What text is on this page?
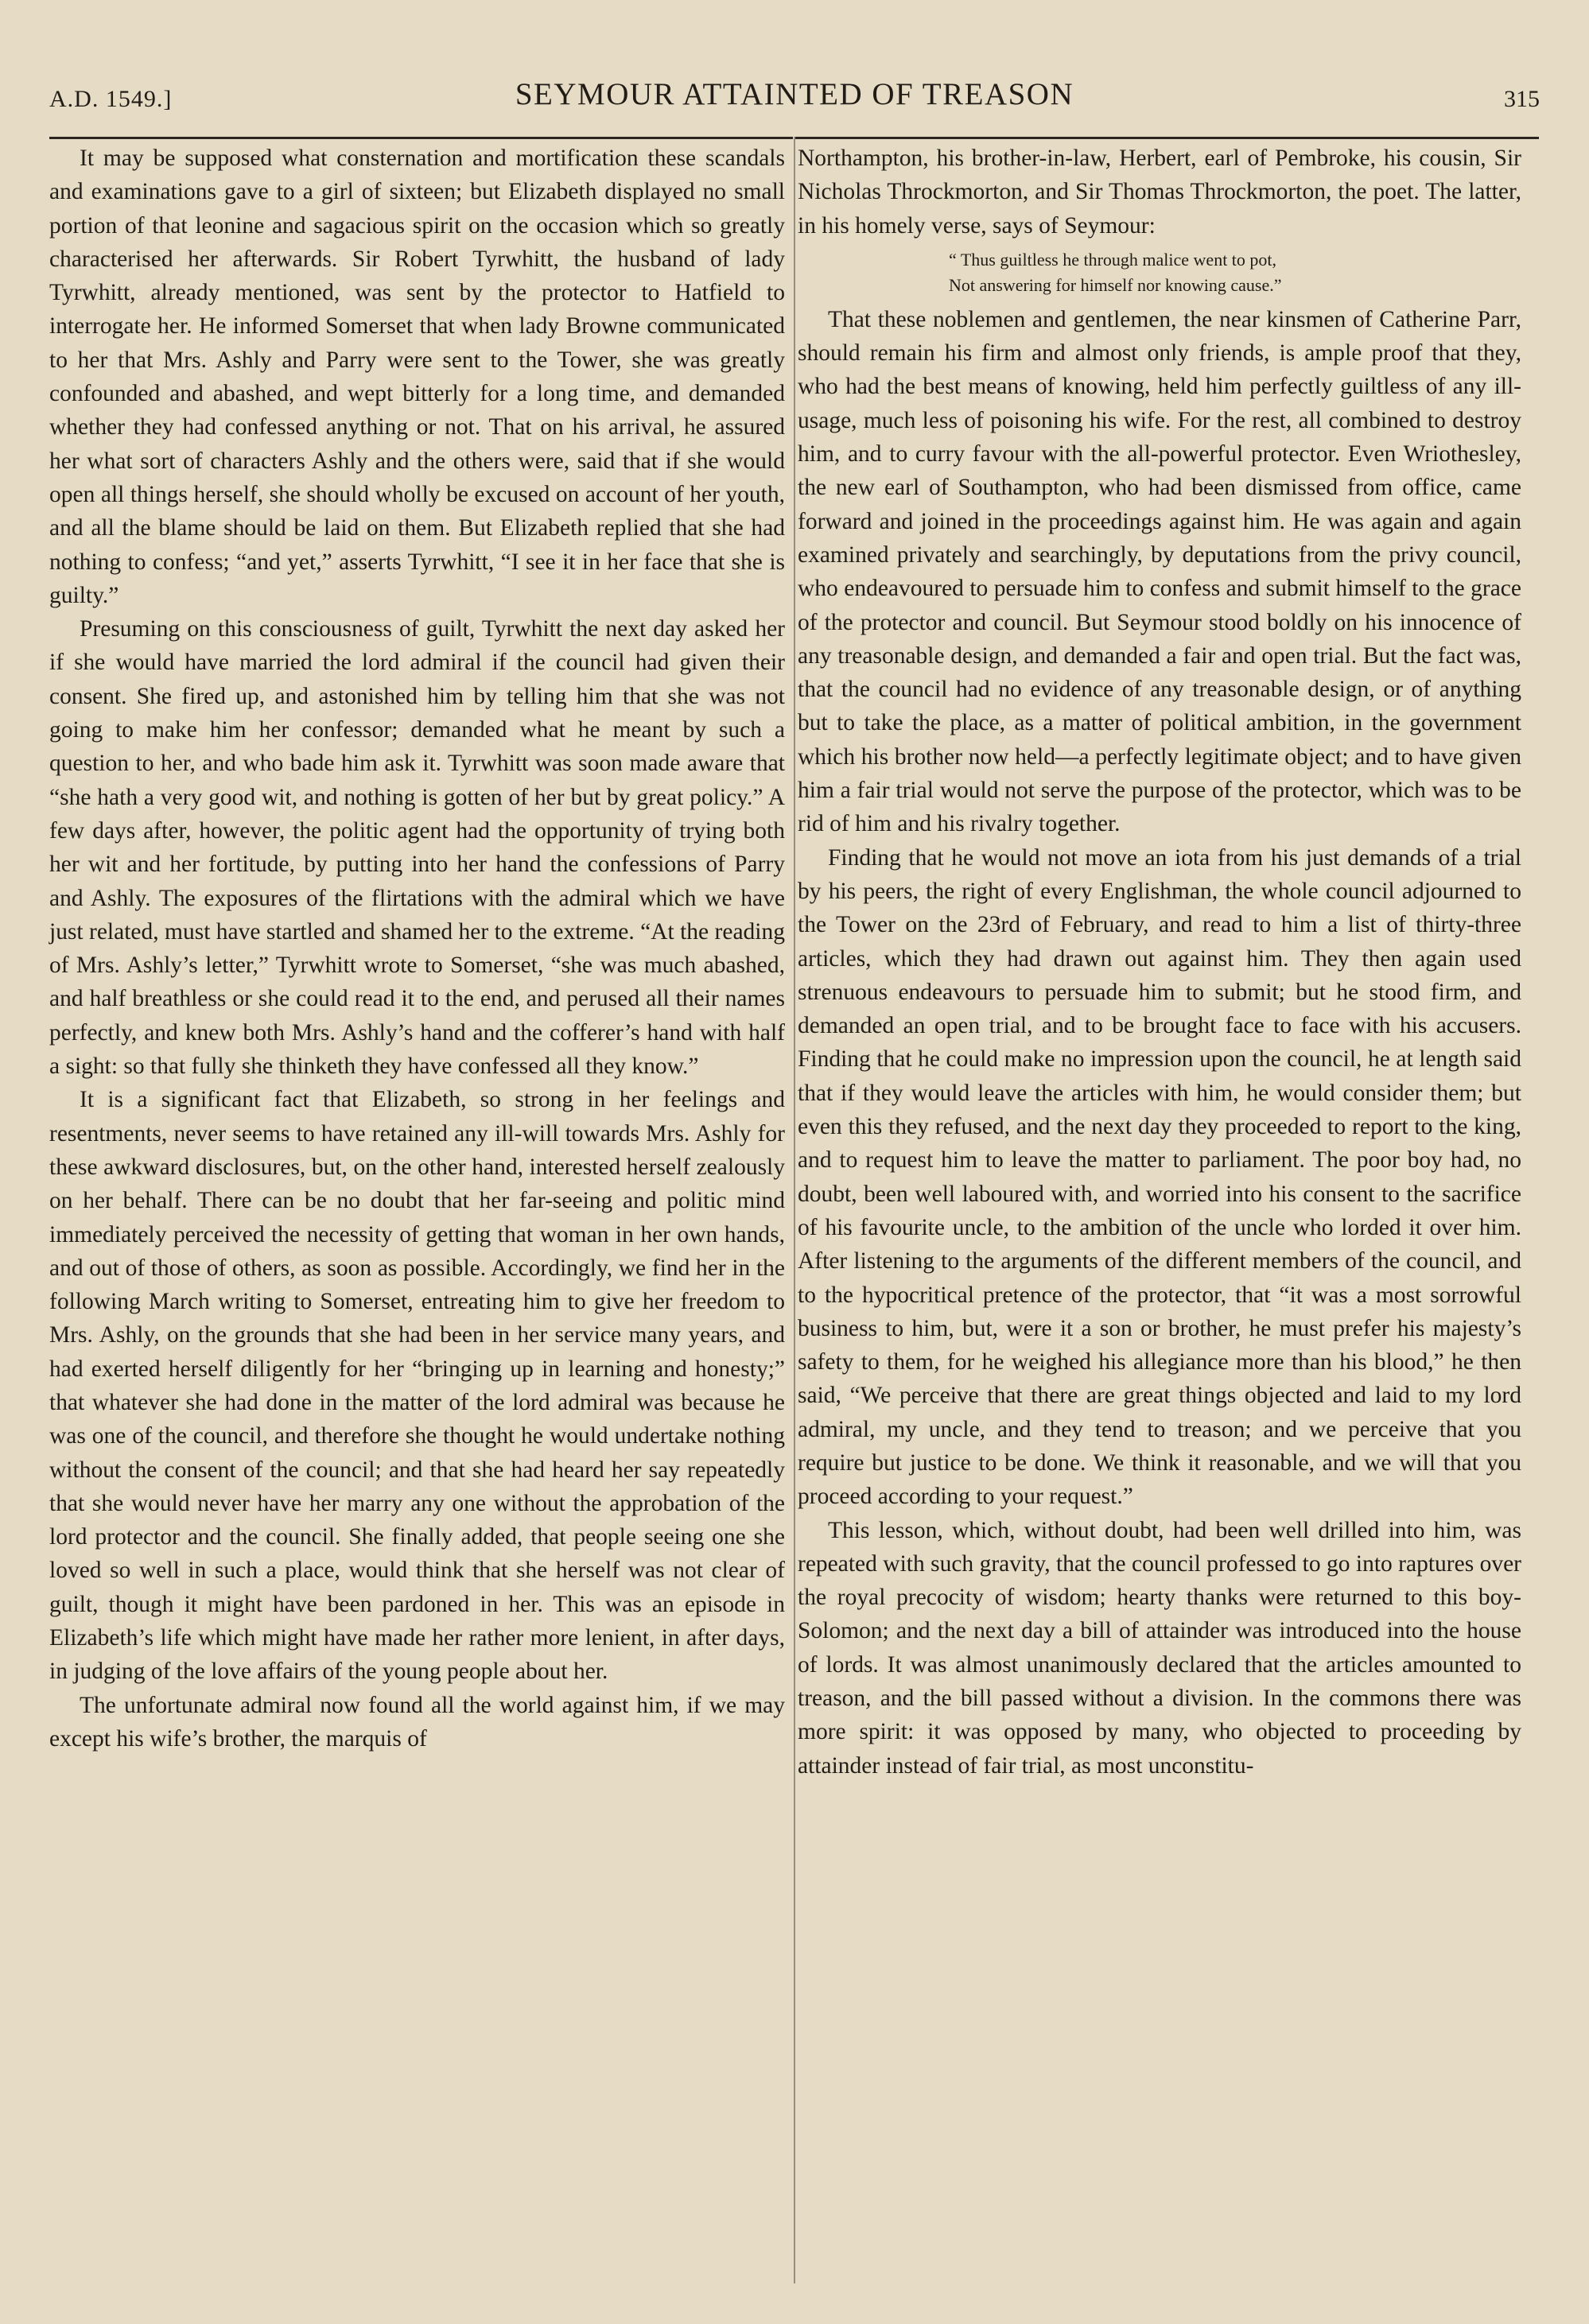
A.D. 1549.]	SEYMOUR ATTAINTED OF TREASON	315

It may be supposed what consternation and mortification these scandals and examinations gave to a girl of sixteen; but Elizabeth displayed no small portion of that leonine and sagacious spirit on the occasion which so greatly characterised her afterwards. Sir Robert Tyrwhitt, the husband of lady Tyrwhitt, already mentioned, was sent by the protector to Hatfield to interrogate her. He informed Somerset that when lady Browne communicated to her that Mrs. Ashly and Parry were sent to the Tower, she was greatly confounded and abashed, and wept bitterly for a long time, and demanded whether they had confessed anything or not. That on his arrival, he assured her what sort of characters Ashly and the others were, said that if she would open all things herself, she should wholly be excused on account of her youth, and all the blame should be laid on them. But Elizabeth replied that she had nothing to confess; “and yet,” asserts Tyrwhitt, “I see it in her face that she is guilty.”

Presuming on this consciousness of guilt, Tyrwhitt the next day asked her if she would have married the lord admiral if the council had given their consent. She fired up, and astonished him by telling him that she was not going to make him her confessor; demanded what he meant by such a question to her, and who bade him ask it. Tyrwhitt was soon made aware that “she hath a very good wit, and nothing is gotten of her but by great policy.” A few days after, however, the politic agent had the opportunity of trying both her wit and her fortitude, by putting into her hand the confessions of Parry and Ashly. The exposures of the flirtations with the admiral which we have just related, must have startled and shamed her to the extreme. “At the reading of Mrs. Ashly’s letter,” Tyrwhitt wrote to Somerset, “she was much abashed, and half breathless or she could read it to the end, and perused all their names perfectly, and knew both Mrs. Ashly’s hand and the cofferer’s hand with half a sight: so that fully she thinketh they have confessed all they know.”

It is a significant fact that Elizabeth, so strong in her feelings and resentments, never seems to have retained any ill-will towards Mrs. Ashly for these awkward disclosures, but, on the other hand, interested herself zealously on her behalf. There can be no doubt that her far-seeing and politic mind immediately perceived the necessity of getting that woman in her own hands, and out of those of others, as soon as possible. Accordingly, we find her in the following March writing to Somerset, entreating him to give her freedom to Mrs. Ashly, on the grounds that she had been in her service many years, and had exerted herself diligently for her “bringing up in learning and honesty;” that whatever she had done in the matter of the lord admiral was because he was one of the council, and therefore she thought he would undertake nothing without the consent of the council; and that she had heard her say repeatedly that she would never have her marry any one without the approbation of the lord protector and the council. She finally added, that people seeing one she loved so well in such a place, would think that she herself was not clear of guilt, though it might have been pardoned in her. This was an episode in Elizabeth’s life which might have made her rather more lenient, in after days, in judging of the love affairs of the young people about her.

The unfortunate admiral now found all the world against him, if we may except his wife’s brother, the marquis of

Northampton, his brother-in-law, Herbert, earl of Pembroke, his cousin, Sir Nicholas Throckmorton, and Sir Thomas Throckmorton, the poet. The latter, in his homely verse, says of Seymour:

“ Thus guiltless he through malice went to pot,
Not answering for himself nor knowing cause.”

That these noblemen and gentlemen, the near kinsmen of Catherine Parr, should remain his firm and almost only friends, is ample proof that they, who had the best means of knowing, held him perfectly guiltless of any ill-usage, much less of poisoning his wife. For the rest, all combined to destroy him, and to curry favour with the all-powerful protector. Even Wriothesley, the new earl of Southampton, who had been dismissed from office, came forward and joined in the proceedings against him. He was again and again examined privately and searchingly, by deputations from the privy council, who endeavoured to persuade him to confess and submit himself to the grace of the protector and council. But Seymour stood boldly on his innocence of any treasonable design, and demanded a fair and open trial. But the fact was, that the council had no evidence of any treasonable design, or of anything but to take the place, as a matter of political ambition, in the government which his brother now held—a perfectly legitimate object; and to have given him a fair trial would not serve the purpose of the protector, which was to be rid of him and his rivalry together.

Finding that he would not move an iota from his just demands of a trial by his peers, the right of every Englishman, the whole council adjourned to the Tower on the 23rd of February, and read to him a list of thirty-three articles, which they had drawn out against him. They then again used strenuous endeavours to persuade him to submit; but he stood firm, and demanded an open trial, and to be brought face to face with his accusers. Finding that he could make no impression upon the council, he at length said that if they would leave the articles with him, he would consider them; but even this they refused, and the next day they proceeded to report to the king, and to request him to leave the matter to parliament. The poor boy had, no doubt, been well laboured with, and worried into his consent to the sacrifice of his favourite uncle, to the ambition of the uncle who lorded it over him. After listening to the arguments of the different members of the council, and to the hypocritical pretence of the protector, that “it was a most sorrowful business to him, but, were it a son or brother, he must prefer his majesty’s safety to them, for he weighed his allegiance more than his blood,” he then said, “We perceive that there are great things objected and laid to my lord admiral, my uncle, and they tend to treason; and we perceive that you require but justice to be done. We think it reasonable, and we will that you proceed according to your request.”

This lesson, which, without doubt, had been well drilled into him, was repeated with such gravity, that the council professed to go into raptures over the royal precocity of wisdom; hearty thanks were returned to this boy-Solomon; and the next day a bill of attainder was introduced into the house of lords. It was almost unanimously declared that the articles amounted to treason, and the bill passed without a division. In the commons there was more spirit: it was opposed by many, who objected to proceeding by attainder instead of fair trial, as most unconstitu-
